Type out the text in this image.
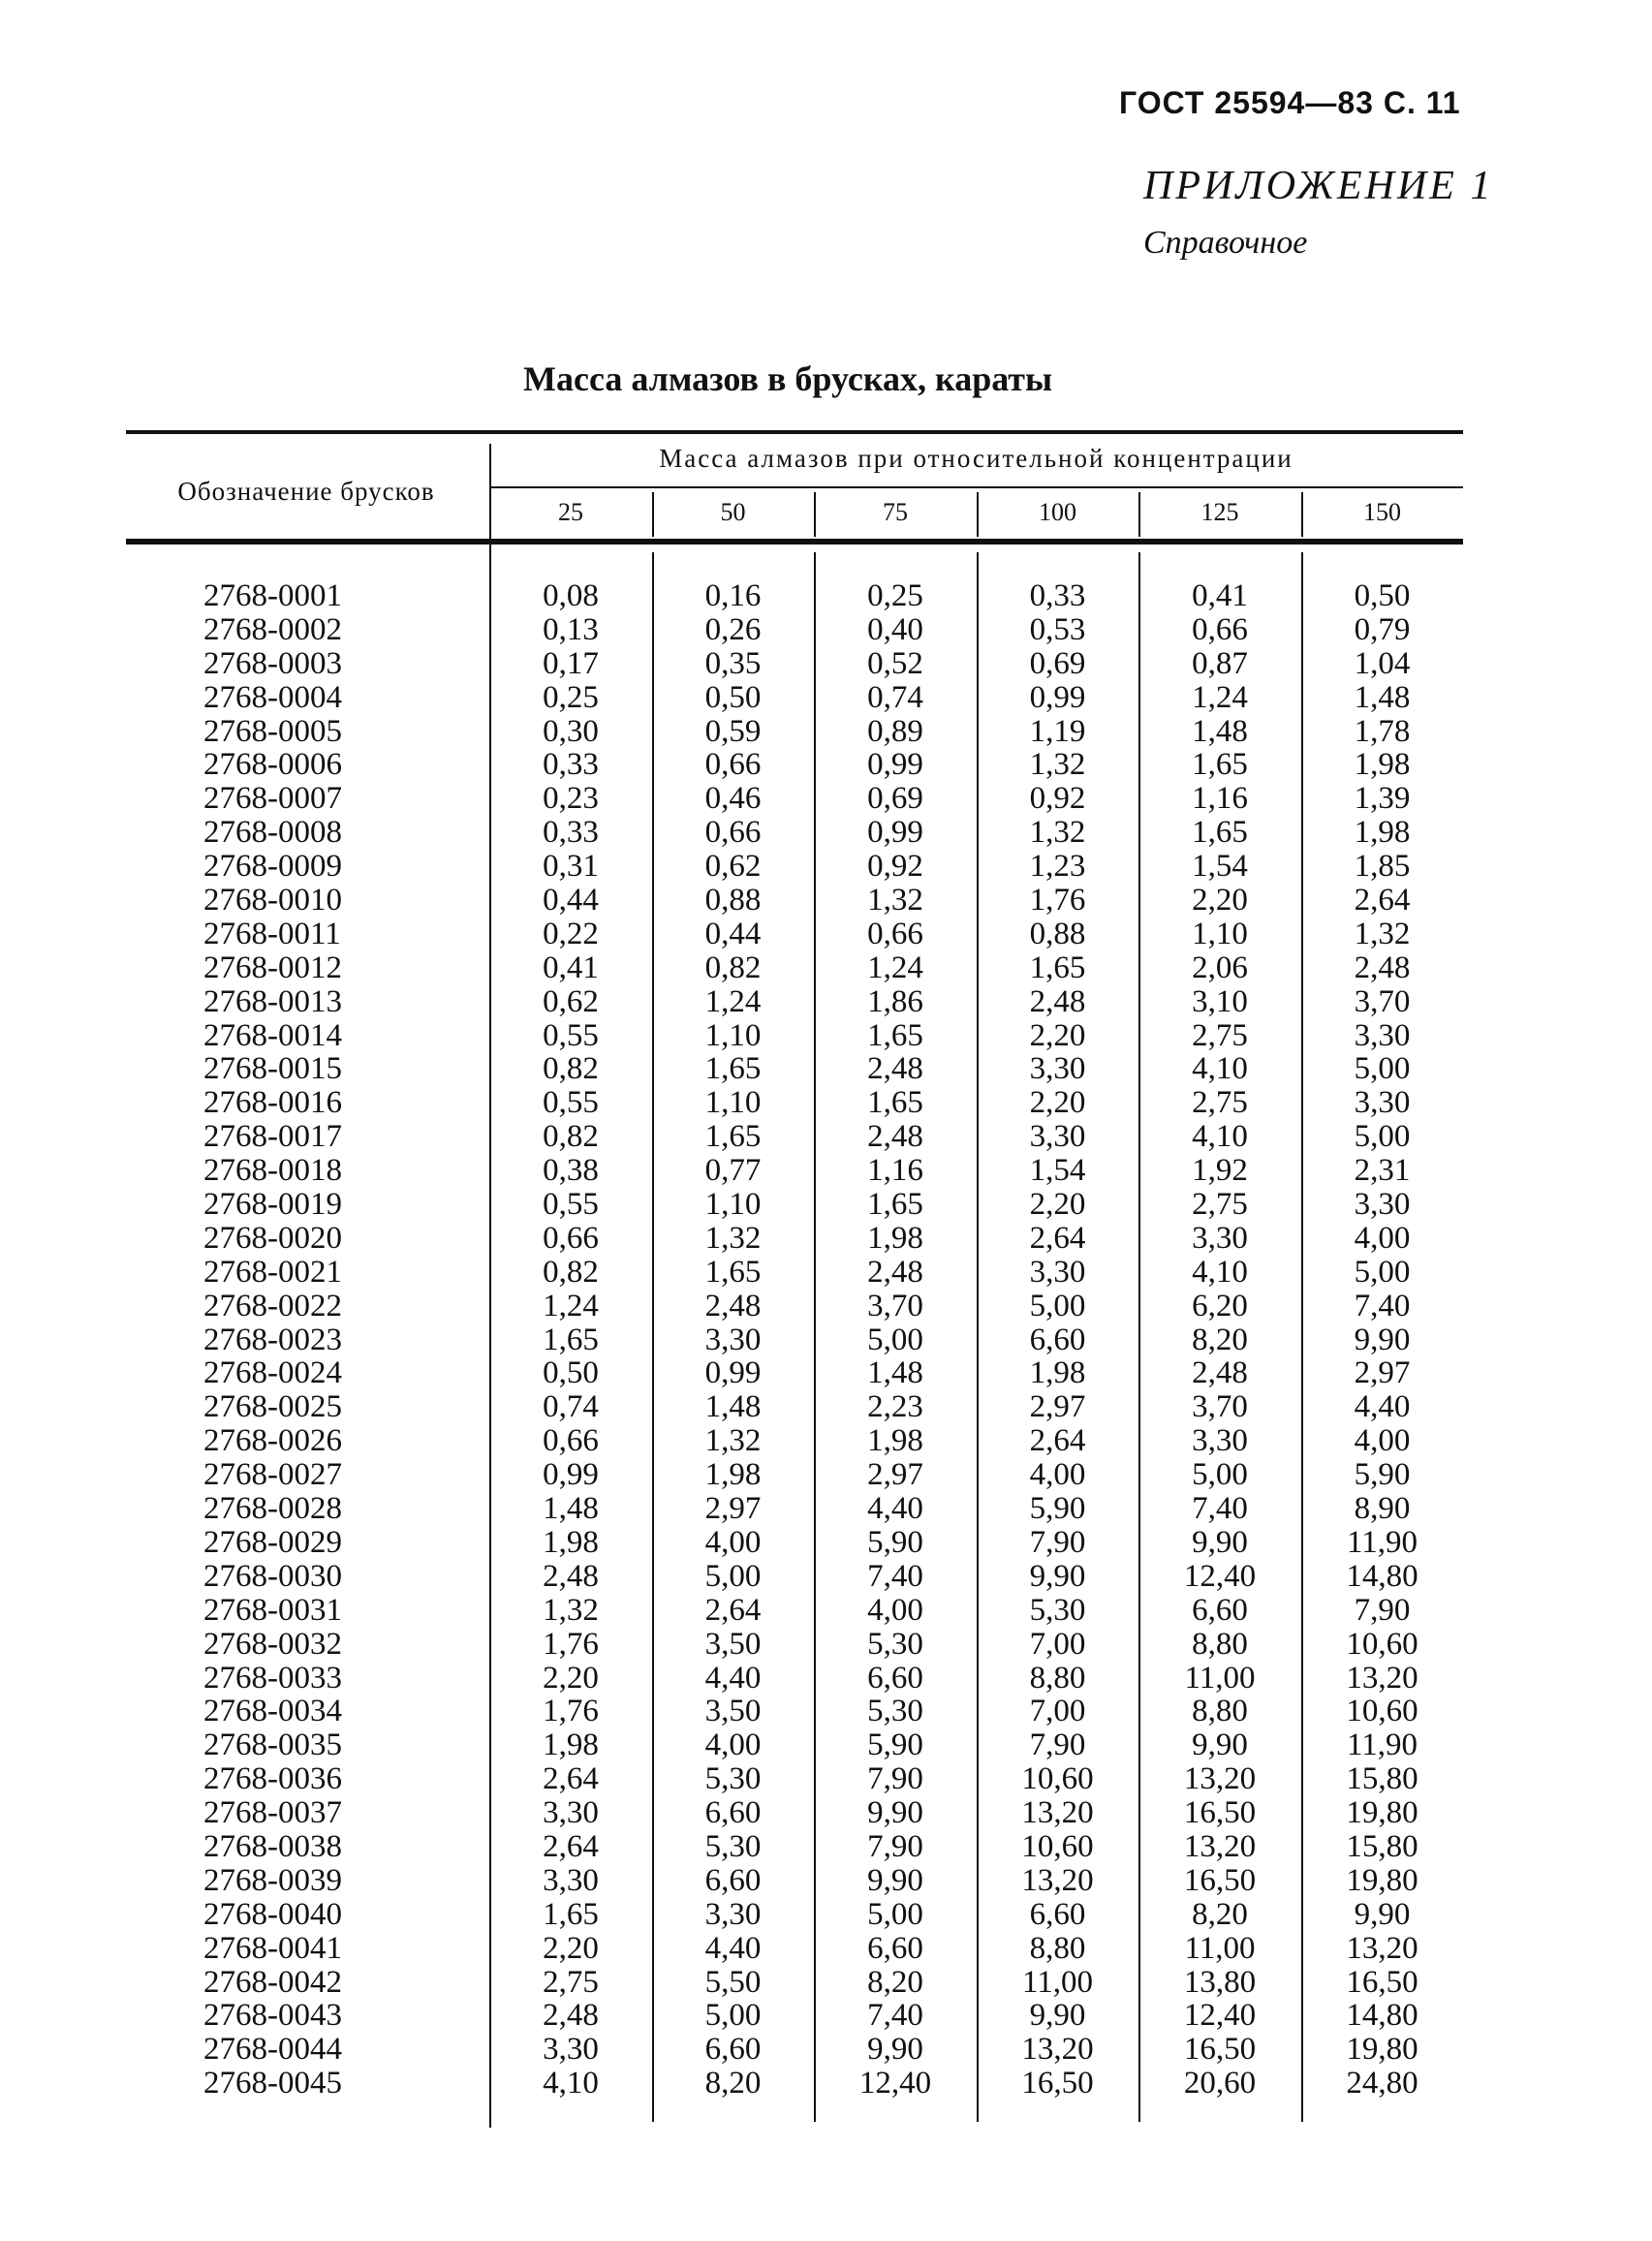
ГОСТ 25594—83 С. 11
ПРИЛОЖЕНИЕ 1
Справочное
Масса алмазов в брусках, караты
Обозначение брусков
Масса алмазов при относительной концентрации
25	50	75	100	125	150
2768-0001	0,08	0,16	0,25	0,33	0,41	0,50
2768-0002	0,13	0,26	0,40	0,53	0,66	0,79
2768-0003	0,17	0,35	0,52	0,69	0,87	1,04
2768-0004	0,25	0,50	0,74	0,99	1,24	1,48
2768-0005	0,30	0,59	0,89	1,19	1,48	1,78
2768-0006	0,33	0,66	0,99	1,32	1,65	1,98
2768-0007	0,23	0,46	0,69	0,92	1,16	1,39
2768-0008	0,33	0,66	0,99	1,32	1,65	1,98
2768-0009	0,31	0,62	0,92	1,23	1,54	1,85
2768-0010	0,44	0,88	1,32	1,76	2,20	2,64
2768-0011	0,22	0,44	0,66	0,88	1,10	1,32
2768-0012	0,41	0,82	1,24	1,65	2,06	2,48
2768-0013	0,62	1,24	1,86	2,48	3,10	3,70
2768-0014	0,55	1,10	1,65	2,20	2,75	3,30
2768-0015	0,82	1,65	2,48	3,30	4,10	5,00
2768-0016	0,55	1,10	1,65	2,20	2,75	3,30
2768-0017	0,82	1,65	2,48	3,30	4,10	5,00
2768-0018	0,38	0,77	1,16	1,54	1,92	2,31
2768-0019	0,55	1,10	1,65	2,20	2,75	3,30
2768-0020	0,66	1,32	1,98	2,64	3,30	4,00
2768-0021	0,82	1,65	2,48	3,30	4,10	5,00
2768-0022	1,24	2,48	3,70	5,00	6,20	7,40
2768-0023	1,65	3,30	5,00	6,60	8,20	9,90
2768-0024	0,50	0,99	1,48	1,98	2,48	2,97
2768-0025	0,74	1,48	2,23	2,97	3,70	4,40
2768-0026	0,66	1,32	1,98	2,64	3,30	4,00
2768-0027	0,99	1,98	2,97	4,00	5,00	5,90
2768-0028	1,48	2,97	4,40	5,90	7,40	8,90
2768-0029	1,98	4,00	5,90	7,90	9,90	11,90
2768-0030	2,48	5,00	7,40	9,90	12,40	14,80
2768-0031	1,32	2,64	4,00	5,30	6,60	7,90
2768-0032	1,76	3,50	5,30	7,00	8,80	10,60
2768-0033	2,20	4,40	6,60	8,80	11,00	13,20
2768-0034	1,76	3,50	5,30	7,00	8,80	10,60
2768-0035	1,98	4,00	5,90	7,90	9,90	11,90
2768-0036	2,64	5,30	7,90	10,60	13,20	15,80
2768-0037	3,30	6,60	9,90	13,20	16,50	19,80
2768-0038	2,64	5,30	7,90	10,60	13,20	15,80
2768-0039	3,30	6,60	9,90	13,20	16,50	19,80
2768-0040	1,65	3,30	5,00	6,60	8,20	9,90
2768-0041	2,20	4,40	6,60	8,80	11,00	13,20
2768-0042	2,75	5,50	8,20	11,00	13,80	16,50
2768-0043	2,48	5,00	7,40	9,90	12,40	14,80
2768-0044	3,30	6,60	9,90	13,20	16,50	19,80
2768-0045	4,10	8,20	12,40	16,50	20,60	24,80
